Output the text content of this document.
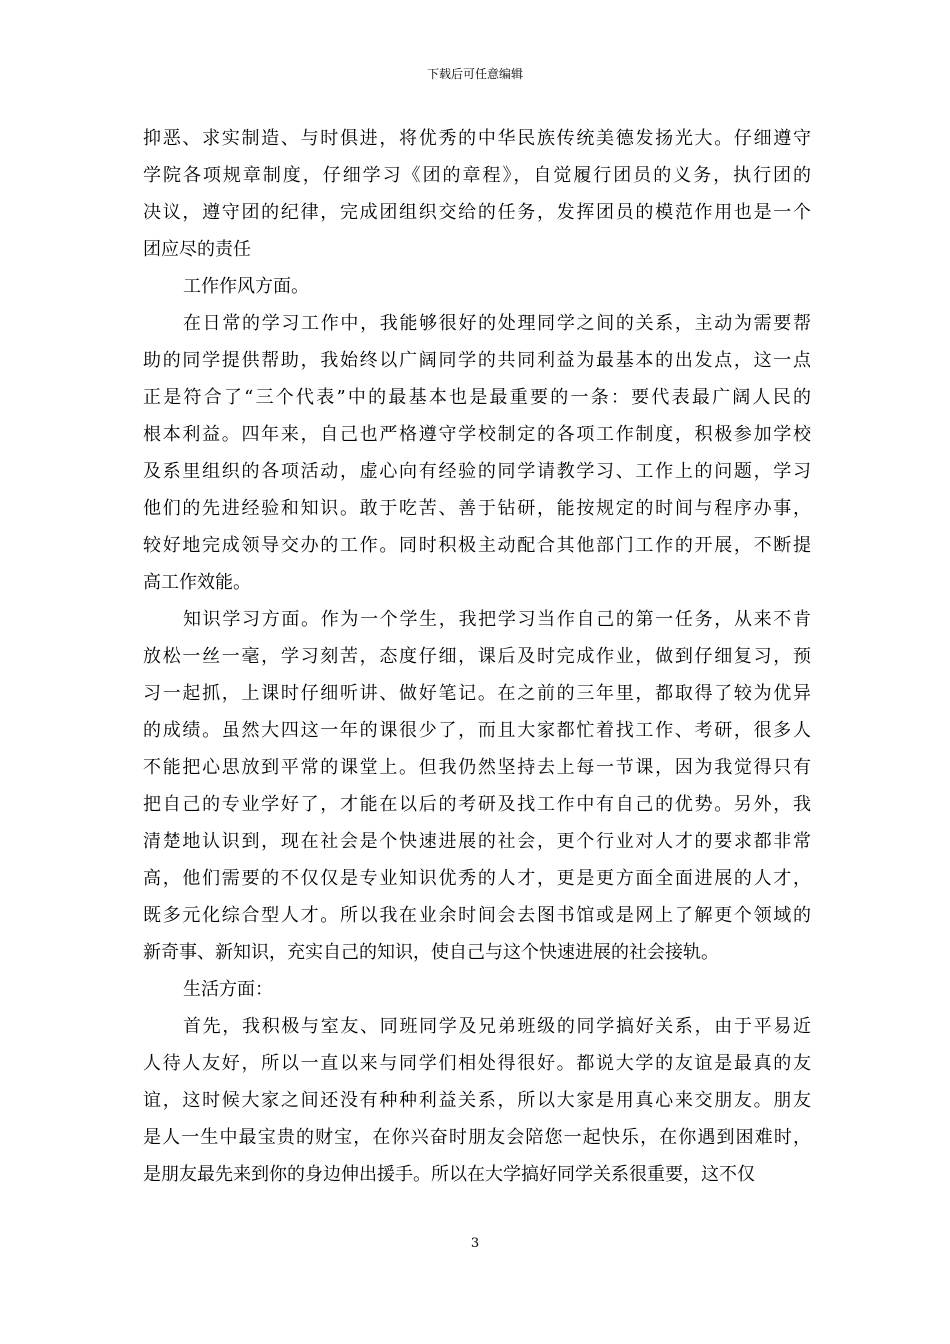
下载后可任意编辑
抑恶、求实制造、与时俱进，将优秀的中华民族传统美德发扬光大。仔细遵守
学院各项规章制度，仔细学习《团的章程》，自觉履行团员的义务，执行团的
决议，遵守团的纪律，完成团组织交给的任务，发挥团员的模范作用也是一个
团应尽的责任
工作作风方面。
在日常的学习工作中，我能够很好的处理同学之间的关系，主动为需要帮
助的同学提供帮助，我始终以广阔同学的共同利益为最基本的出发点，这一点
正是符合了“三个代表”中的最基本也是最重要的一条：要代表最广阔人民的
根本利益。四年来，自己也严格遵守学校制定的各项工作制度，积极参加学校
及系里组织的各项活动，虚心向有经验的同学请教学习、工作上的问题，学习
他们的先进经验和知识。敢于吃苦、善于钻研，能按规定的时间与程序办事，
较好地完成领导交办的工作。同时积极主动配合其他部门工作的开展，不断提
高工作效能。
知识学习方面。作为一个学生，我把学习当作自己的第一任务，从来不肯
放松一丝一毫，学习刻苦，态度仔细，课后及时完成作业，做到仔细复习，预
习一起抓，上课时仔细听讲、做好笔记。在之前的三年里，都取得了较为优异
的成绩。虽然大四这一年的课很少了，而且大家都忙着找工作、考研，很多人
不能把心思放到平常的课堂上。但我仍然坚持去上每一节课，因为我觉得只有
把自己的专业学好了，才能在以后的考研及找工作中有自己的优势。另外，我
清楚地认识到，现在社会是个快速进展的社会，更个行业对人才的要求都非常
高，他们需要的不仅仅是专业知识优秀的人才，更是更方面全面进展的人才，
既多元化综合型人才。所以我在业余时间会去图书馆或是网上了解更个领域的
新奇事、新知识，充实自己的知识，使自己与这个快速进展的社会接轨。
生活方面：
首先，我积极与室友、同班同学及兄弟班级的同学搞好关系，由于平易近
人待人友好，所以一直以来与同学们相处得很好。都说大学的友谊是最真的友
谊，这时候大家之间还没有种种利益关系，所以大家是用真心来交朋友。朋友
是人一生中最宝贵的财宝，在你兴奋时朋友会陪您一起快乐，在你遇到困难时，
是朋友最先来到你的身边伸出援手。所以在大学搞好同学关系很重要，这不仅
3
